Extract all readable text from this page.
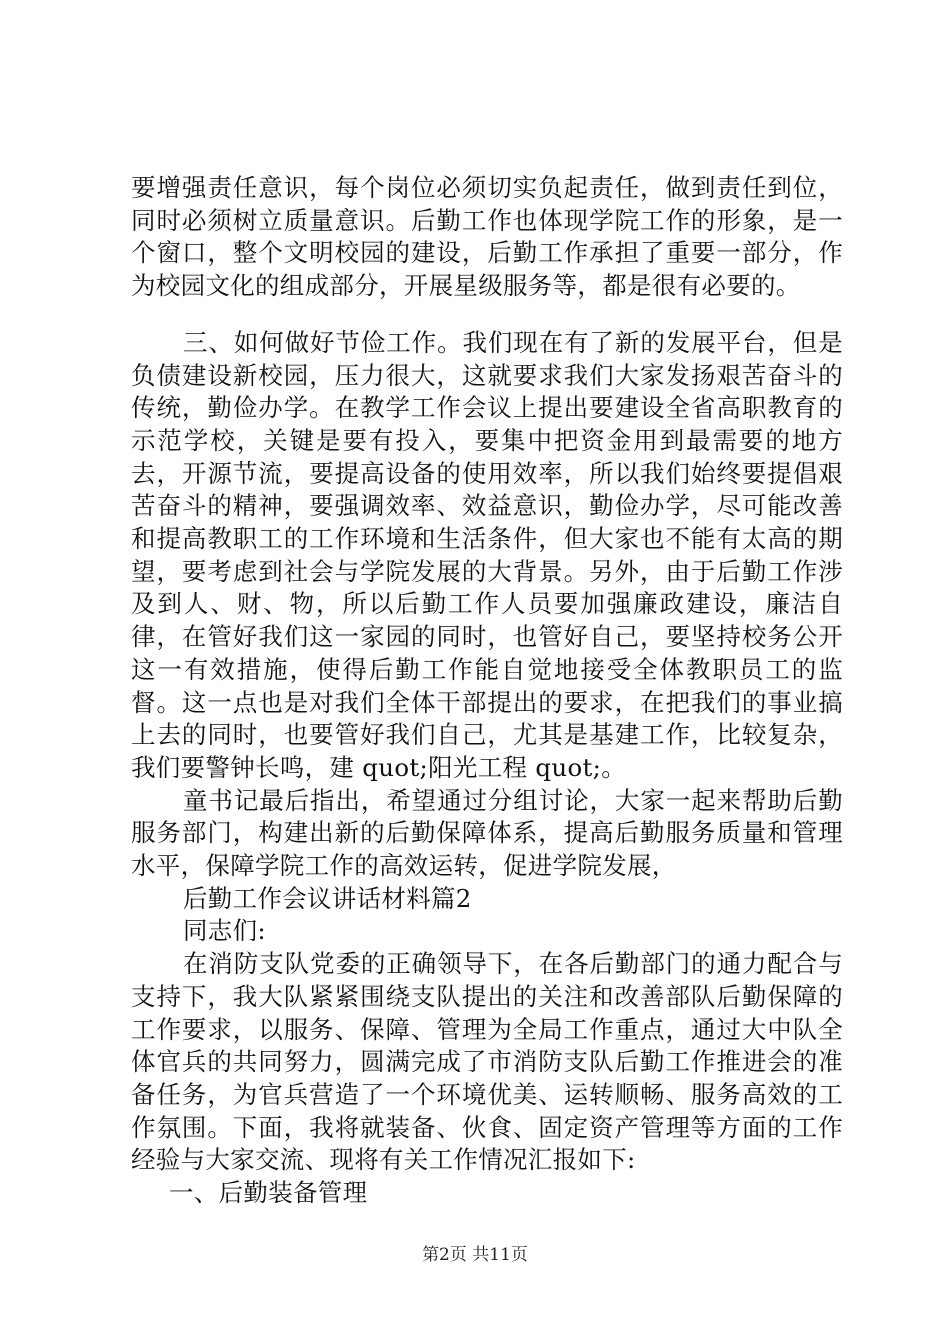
要增强责任意识，每个岗位必须切实负起责任，做到责任到位，同时必须树立质量意识。后勤工作也体现学院工作的形象，是一个窗口，整个文明校园的建设，后勤工作承担了重要一部分，作为校园文化的组成部分，开展星级服务等，都是很有必要的。

三、如何做好节俭工作。我们现在有了新的发展平台，但是负债建设新校园，压力很大，这就要求我们大家发扬艰苦奋斗的传统，勤俭办学。在教学工作会议上提出要建设全省高职教育的示范学校，关键是要有投入，要集中把资金用到最需要的地方去，开源节流，要提高设备的使用效率，所以我们始终要提倡艰苦奋斗的精神，要强调效率、效益意识，勤俭办学，尽可能改善和提高教职工的工作环境和生活条件，但大家也不能有太高的期望，要考虑到社会与学院发展的大背景。另外，由于后勤工作涉及到人、财、物，所以后勤工作人员要加强廉政建设，廉洁自律，在管好我们这一家园的同时，也管好自己，要坚持校务公开这一有效措施，使得后勤工作能自觉地接受全体教职员工的监督。这一点也是对我们全体干部提出的要求，在把我们的事业搞上去的同时，也要管好我们自己，尤其是基建工作，比较复杂，我们要警钟长鸣，建 quot;阳光工程 quot;。

童书记最后指出，希望通过分组讨论，大家一起来帮助后勤服务部门，构建出新的后勤保障体系，提高后勤服务质量和管理水平，保障学院工作的高效运转，促进学院发展，

后勤工作会议讲话材料篇2

同志们:

在消防支队党委的正确领导下，在各后勤部门的通力配合与支持下，我大队紧紧围绕支队提出的关注和改善部队后勤保障的工作要求，以服务、保障、管理为全局工作重点，通过大中队全体官兵的共同努力，圆满完成了市消防支队后勤工作推进会的准备任务，为官兵营造了一个环境优美、运转顺畅、服务高效的工作氛围。下面，我将就装备、伙食、固定资产管理等方面的工作经验与大家交流、现将有关工作情况汇报如下:

一、后勤装备管理

第2页 共11页
